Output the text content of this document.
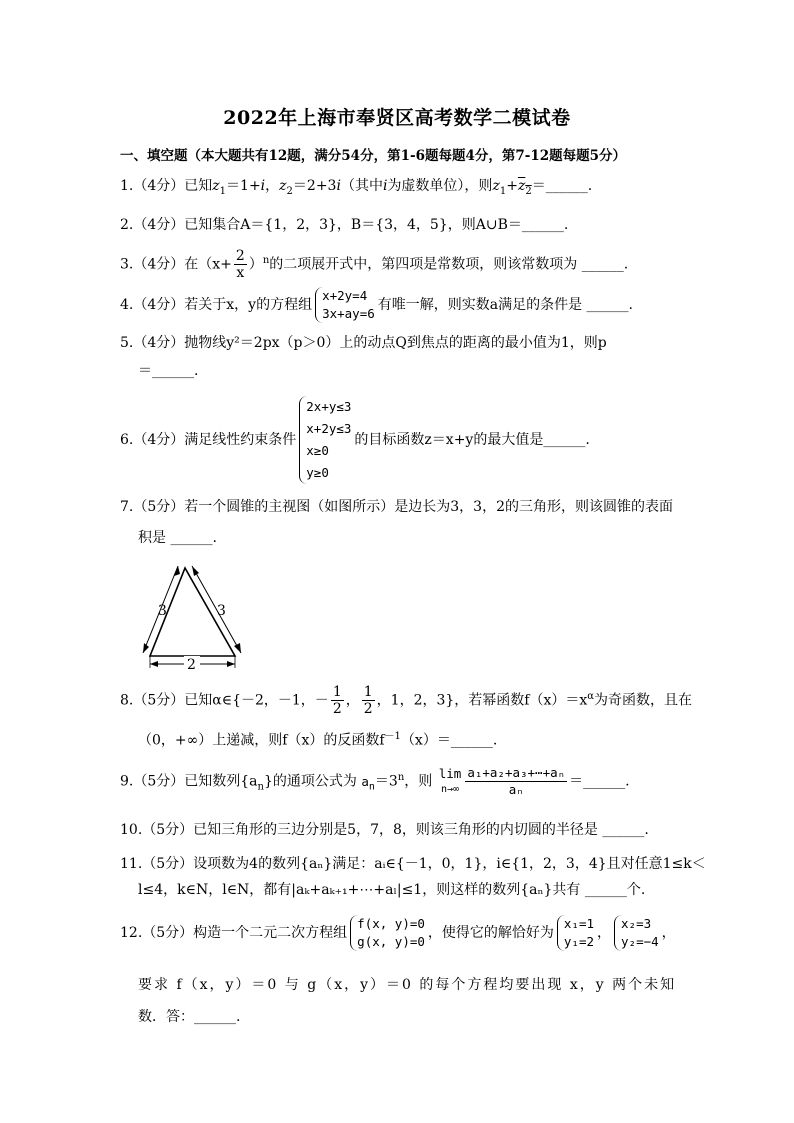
2022年上海市奉贤区高考数学二模试卷
一、填空题（本大题共有12题，满分54分，第1-6题每题4分，第7-12题每题5分）
1.（4分）已知$z_1=1+i$，$z_2=2+3i$（其中i为虚数单位），则$z_1+z_2=\_\_\_\_\_\_$.
2.（4分）已知集合A＝{1，2，3}，B＝{3，4，5}，则A∪B＝______.
3.（4分）在$(x+ \frac{2}{x} )^n$的二项展开式中，第四项是常数项，则该常数项为 ______.
4.（4分）若关于x，y的方程组
x+2y=4
3x+ay=6
有唯一解，则实数a满足的条件是 ______.
5.（4分）抛物线y²＝2px（p＞0）上的动点Q到焦点的距离的最小值为1，则p
＝______.
6.（4分）满足线性约束条件
2x+y≤3
x+2y≤3
x≥0
y≥0
的目标函数z＝x+y的最大值是______.
7.（5分）若一个圆锥的主视图（如图所示）是边长为3，3，2的三角形，则该圆锥的表面
积是 ______.
3	3
2
8.（5分）已知α∈{－2，－1，－ $\frac{1}{2}$ ， $\frac{1}{2}$ ，1，2，3}，若幂函数$f(x)=x^\alpha$为奇函数，且在
（0，+∞）上递减，则f（x）的反函数$f^{-1}(x)=\_\_\_\_\_\_$.
9.（5分）已知数列$\{a_n\}$的通项公式为 $a_n=3^n$，则
lim
$n\to\infty \frac{\text{a₁+a₂+a₃+⋯+aₙ}}{\text{aₙ}}$ ＝______.
10.（5分）已知三角形的三边分别是5，7，8，则该三角形的内切圆的半径是 ______.
11.（5分）设项数为4的数列{aₙ}满足：aᵢ∈{－1，0，1}，i∈{1，2，3，4}且对任意1≤k＜
l≤4，k∈N，l∈N，都有|aₖ+aₖ₊₁+⋯+aₗ|≤1，则这样的数列{aₙ}共有 ______个.
12.（5分）构造一个二元二次方程组
f(x, y)=0
g(x, y)=0
，使得它的解恰好为
x₁=1
y₁=2
，
x₂=3
y₂=−4
，
要求 f（x，y）＝0 与 g（x，y）＝0 的每个方程均要出现 x，y 两个未知
数．答：______.
